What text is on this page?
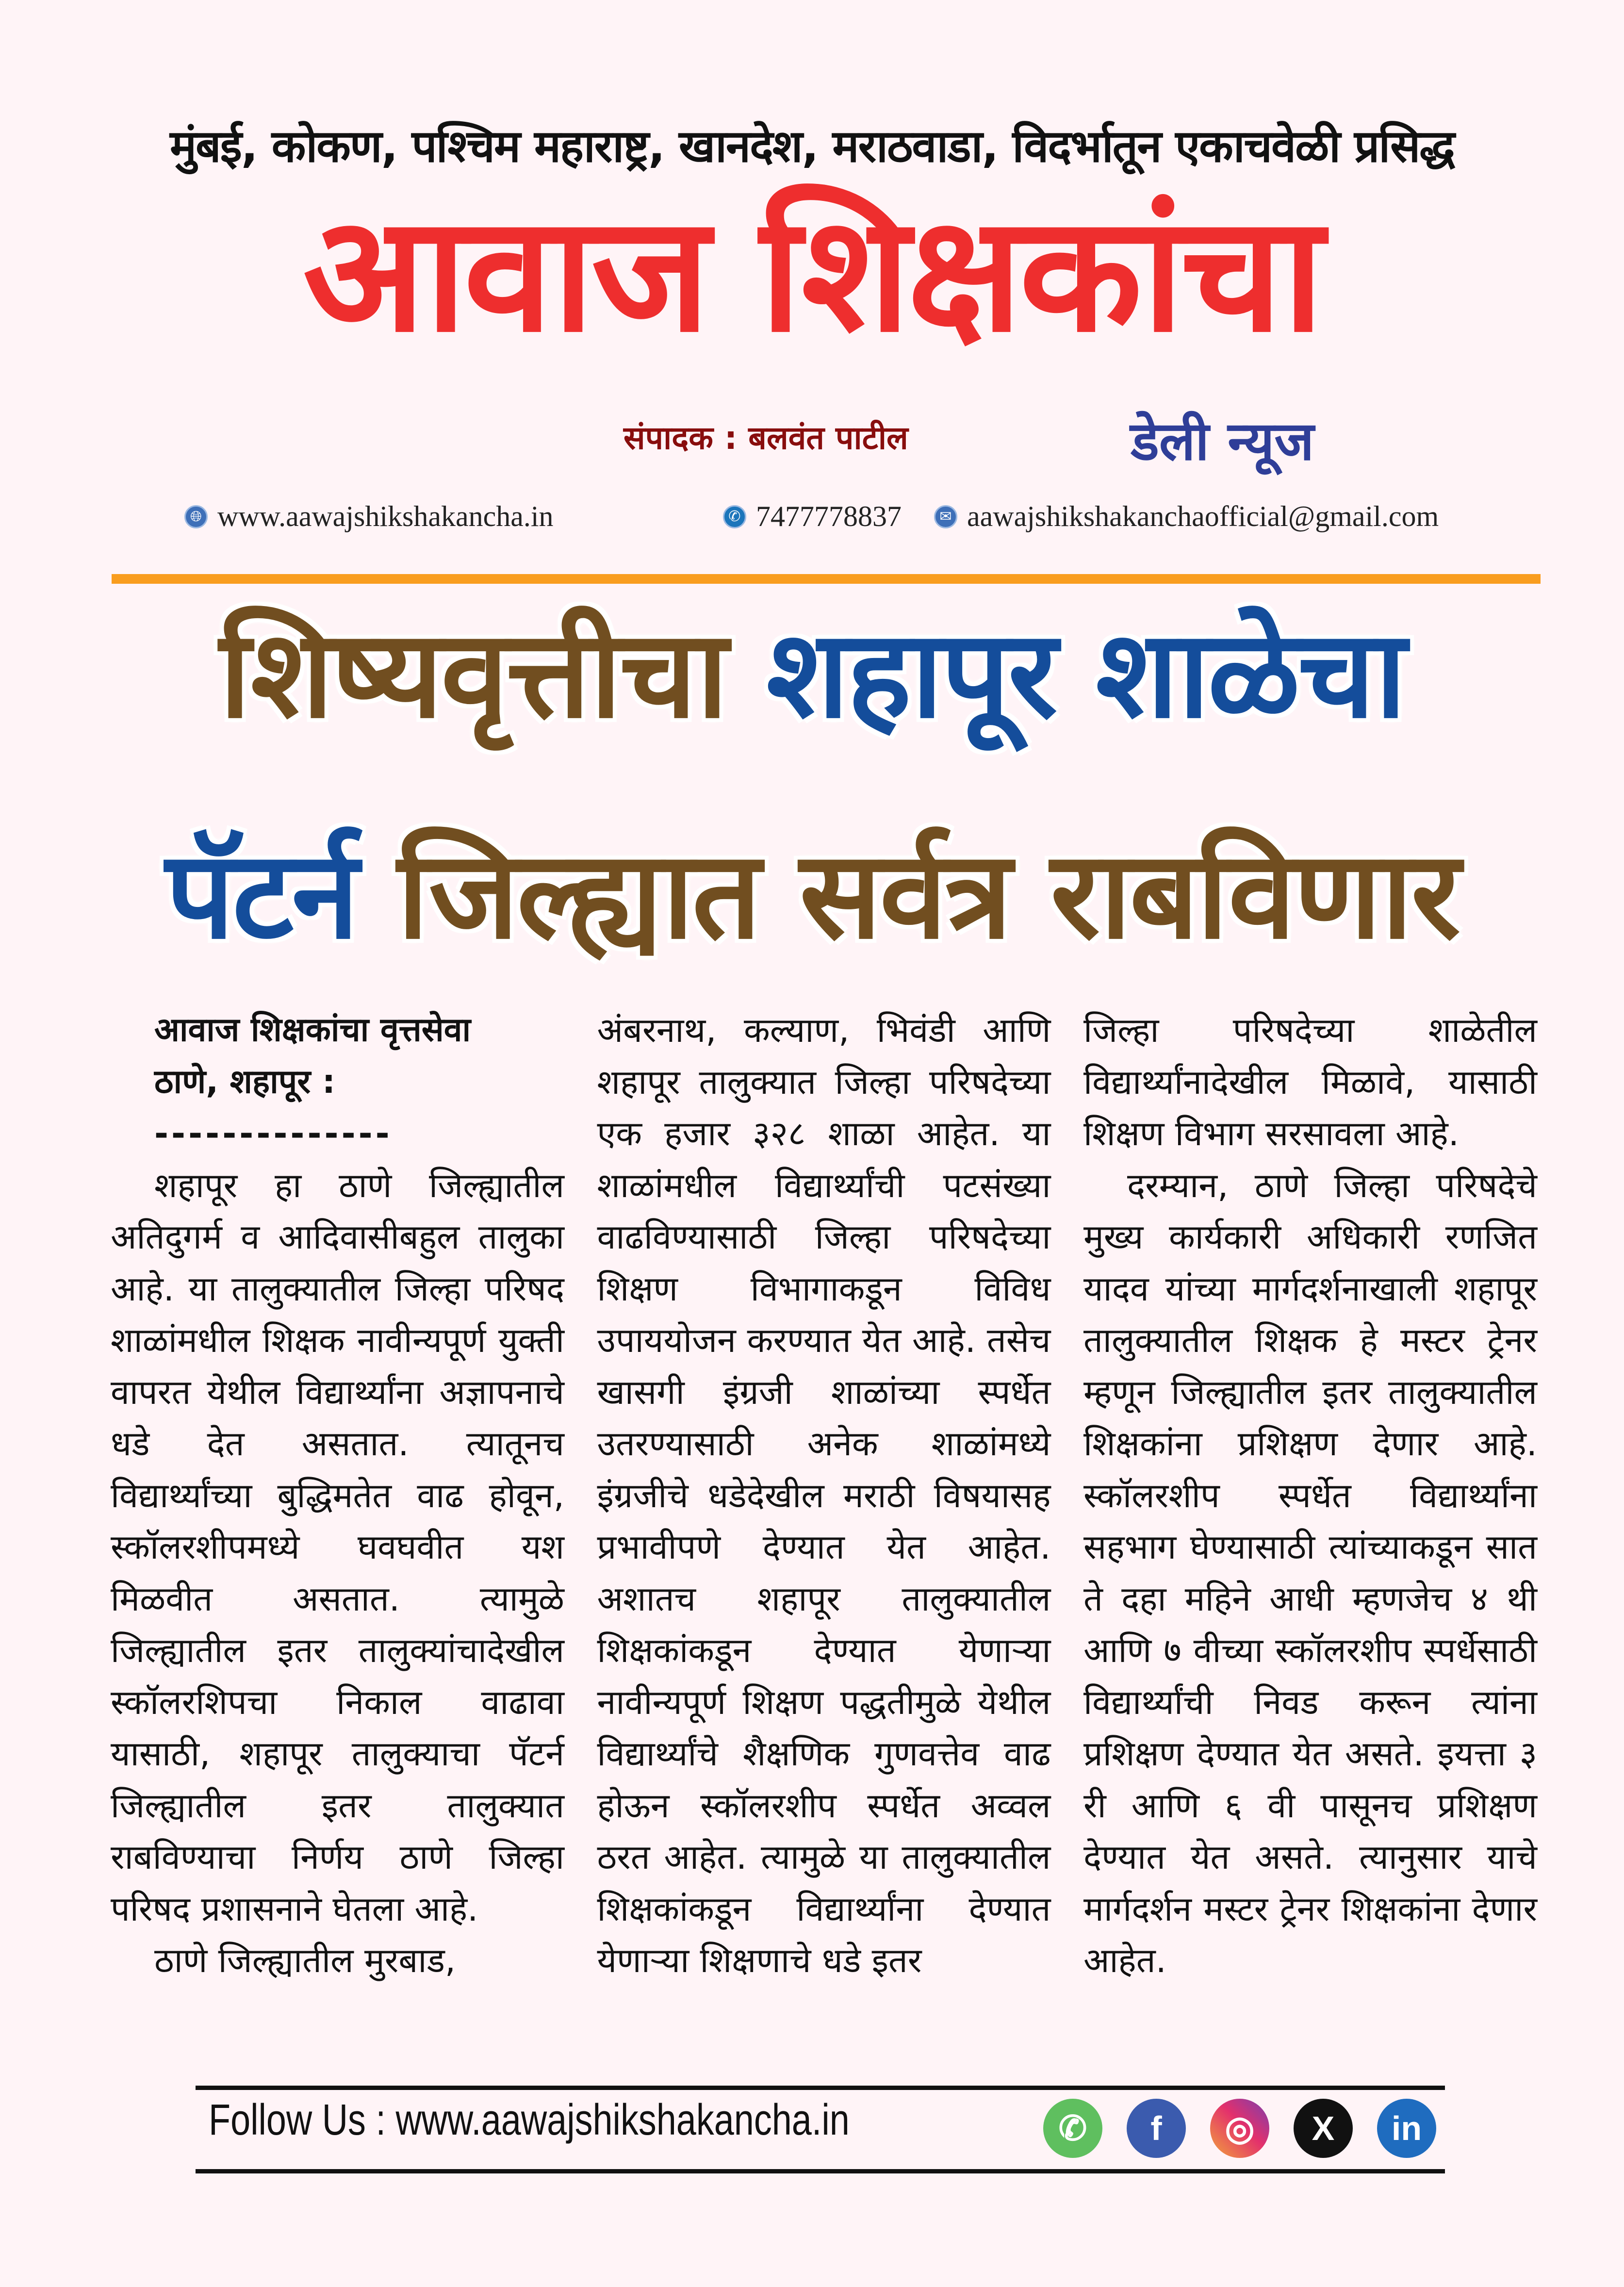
मुंबई, कोकण, पश्चिम महाराष्ट्र, खानदेश, मराठवाडा, विदर्भातून एकाचवेळी प्रसिद्ध
आवाज शिक्षकांचा
संपादक : बलवंत पाटील	डेली न्यूज
🌐︎ www.aawajshikshakancha.in	✆ 7477778837	✉ aawajshikshakanchaofficial@gmail.com
शिष्यवृत्तीचा शहापूर शाळेचा
पॅटर्न जिल्ह्यात सर्वत्र राबविणार

आवाज शिक्षकांचा वृत्तसेवा

ठाणे, शहापूर :

--------------

शहापूर हा ठाणे जिल्ह्यातील अतिदुगर्म व आदिवासीबहुल तालुका आहे. या तालुक्यातील जिल्हा परिषद शाळांमधील शिक्षक नावीन्यपूर्ण युक्ती वापरत येथील विद्यार्थ्यांना अज्ञापनाचे धडे देत असतात. त्यातूनच विद्यार्थ्यांच्या बुद्धिमतेत वाढ होवून, स्कॉलरशीपमध्ये घवघवीत यश मिळवीत असतात. त्यामुळे जिल्ह्यातील इतर तालुक्यांचादेखील स्कॉलरशिपचा निकाल वाढावा यासाठी, शहापूर तालुक्याचा पॅटर्न जिल्ह्यातील इतर तालुक्यात राबविण्याचा निर्णय ठाणे जिल्हा परिषद प्रशासनाने घेतला आहे.

ठाणे जिल्ह्यातील मुरबाड,

अंबरनाथ, कल्याण, भिवंडी आणि शहापूर तालुक्यात जिल्हा परिषदेच्या एक हजार ३२८ शाळा आहेत. या शाळांमधील विद्यार्थ्यांची पटसंख्या वाढविण्यासाठी जिल्हा परिषदेच्या शिक्षण विभागाकडून विविध उपाययोजन करण्यात येत आहे. तसेच खासगी इंग्रजी शाळांच्या स्पर्धेत उतरण्यासाठी अनेक शाळांमध्ये इंग्रजीचे धडेदेखील मराठी विषयासह प्रभावीपणे देण्यात येत आहेत. अशातच शहापूर तालुक्यातील शिक्षकांकडून देण्यात येणाऱ्या नावीन्यपूर्ण शिक्षण पद्धतीमुळे येथील विद्यार्थ्यांचे शैक्षणिक गुणवत्तेव वाढ होऊन स्कॉलरशीप स्पर्धेत अव्वल ठरत आहेत. त्यामुळे या तालुक्यातील शिक्षकांकडून विद्यार्थ्यांना देण्यात येणाऱ्या शिक्षणाचे धडे इतर

जिल्हा परिषदेच्या शाळेतील विद्यार्थ्यांनादेखील मिळावे, यासाठी शिक्षण विभाग सरसावला आहे.

दरम्यान, ठाणे जिल्हा परिषदेचे मुख्य कार्यकारी अधिकारी रणजित यादव यांच्या मार्गदर्शनाखाली शहापूर तालुक्यातील शिक्षक हे मस्टर ट्रेनर म्हणून जिल्ह्यातील इतर तालुक्यातील शिक्षकांना प्रशिक्षण देणार आहे. स्कॉलरशीप स्पर्धेत विद्यार्थ्यांना सहभाग घेण्यासाठी त्यांच्याकडून सात ते दहा महिने आधी म्हणजेच ४ थी आणि ७ वीच्या स्कॉलरशीप स्पर्धेसाठी विद्यार्थ्यांची निवड करून त्यांना प्रशिक्षण देण्यात येत असते. इयत्ता ३ री आणि ६ वी पासूनच प्रशिक्षण देण्यात येत असते. त्यानुसार याचे मार्गदर्शन मस्टर ट्रेनर शिक्षकांना देणार आहेत.

Follow Us : www.aawajshikshakancha.in	✆	f	◎	X	in
